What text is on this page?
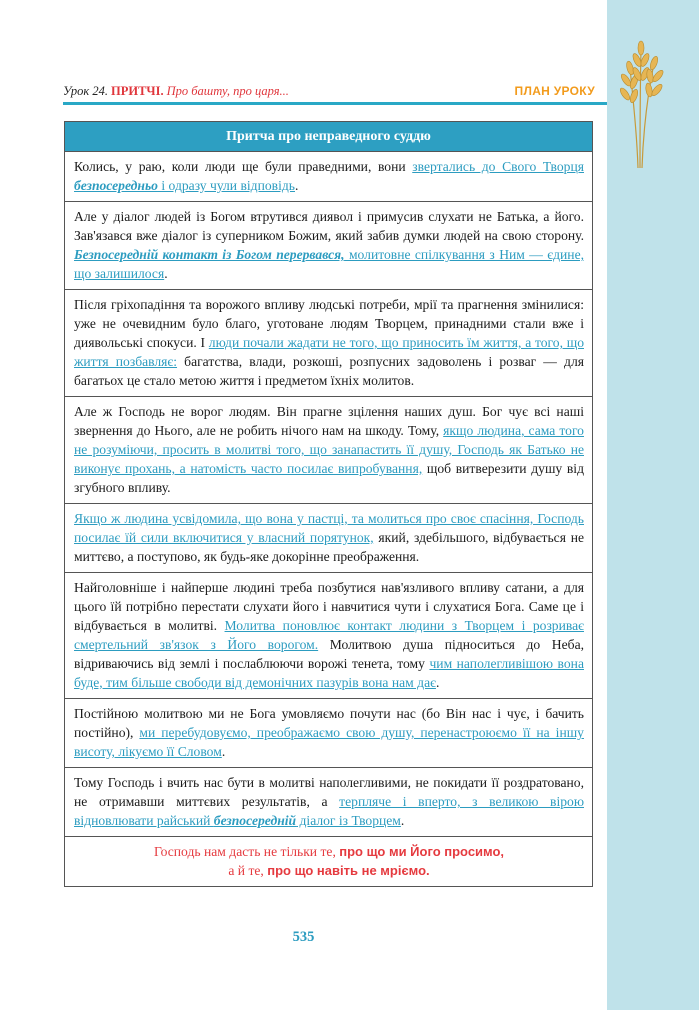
Урок 24. ПРИТЧІ. Про башту, про царя...	ПЛАН УРОКУ
Притча про неправедного суддю
Колись, у раю, коли люди ще були праведними, вони звертались до Свого Творця безпосередньо і одразу чули відповідь.
Але у діалог людей із Богом втрутився диявол і примусив слухати не Батька, а його. Зав'язався вже діалог із суперником Божим, який забив думки людей на свою сторону. Безпосередній контакт із Богом перервався, молитовне спілкування з Ним — єдине, що залишилося.
Після гріхопадіння та ворожого впливу людські потреби, мрії та прагнення змінилися: уже не очевидним було благо, уготоване людям Творцем, принадними стали вже і диявольські спокуси. І люди почали жадати не того, що приносить їм життя, а того, що життя позбавляє: багатства, влади, розкоші, розпусних задоволень і розваг — для багатьох це стало метою життя і предметом їхніх молитов.
Але ж Господь не ворог людям. Він прагне зцілення наших душ. Бог чує всі наші звернення до Нього, але не робить нічого нам на шкоду. Тому, якщо людина, сама того не розуміючи, просить в молитві того, що занапастить її душу, Господь як Батько не виконує прохань, а натомість часто посилає випробування, щоб витверезити душу від згубного впливу.
Якщо ж людина усвідомила, що вона у пастці, та молиться про своє спасіння, Господь посилає їй сили включитися у власний порятунок, який, здебільшого, відбувається не миттєво, а поступово, як будь-яке докорінне преображення.
Найголовніше і найперше людині треба позбутися нав'язливого впливу сатани, а для цього їй потрібно перестати слухати його і навчитися чути і слухатися Бога. Саме це і відбувається в молитві. Молитва поновлює контакт людини з Творцем і розриває смертельний зв'язок з Його ворогом. Молитвою душа підноситься до Неба, відриваючись від землі і послаблюючи ворожі тенета, тому чим наполегливішою вона буде, тим більше свободи від демонічних пазурів вона нам дає.
Постійною молитвою ми не Бога умовляємо почути нас (бо Він нас і чує, і бачить постійно), ми перебудовуємо, преображаємо свою душу, перенастроюємо її на іншу висоту, лікуємо її Словом.
Тому Господь і вчить нас бути в молитві наполегливими, не покидати її роздратовано, не отримавши миттєвих результатів, а терпляче і вперто, з великою вірою відновлювати райський безпосередній діалог із Творцем.
Господь нам дасть не тільки те, про що ми Його просимо,
а й те, про що навіть не мріємо.
535
